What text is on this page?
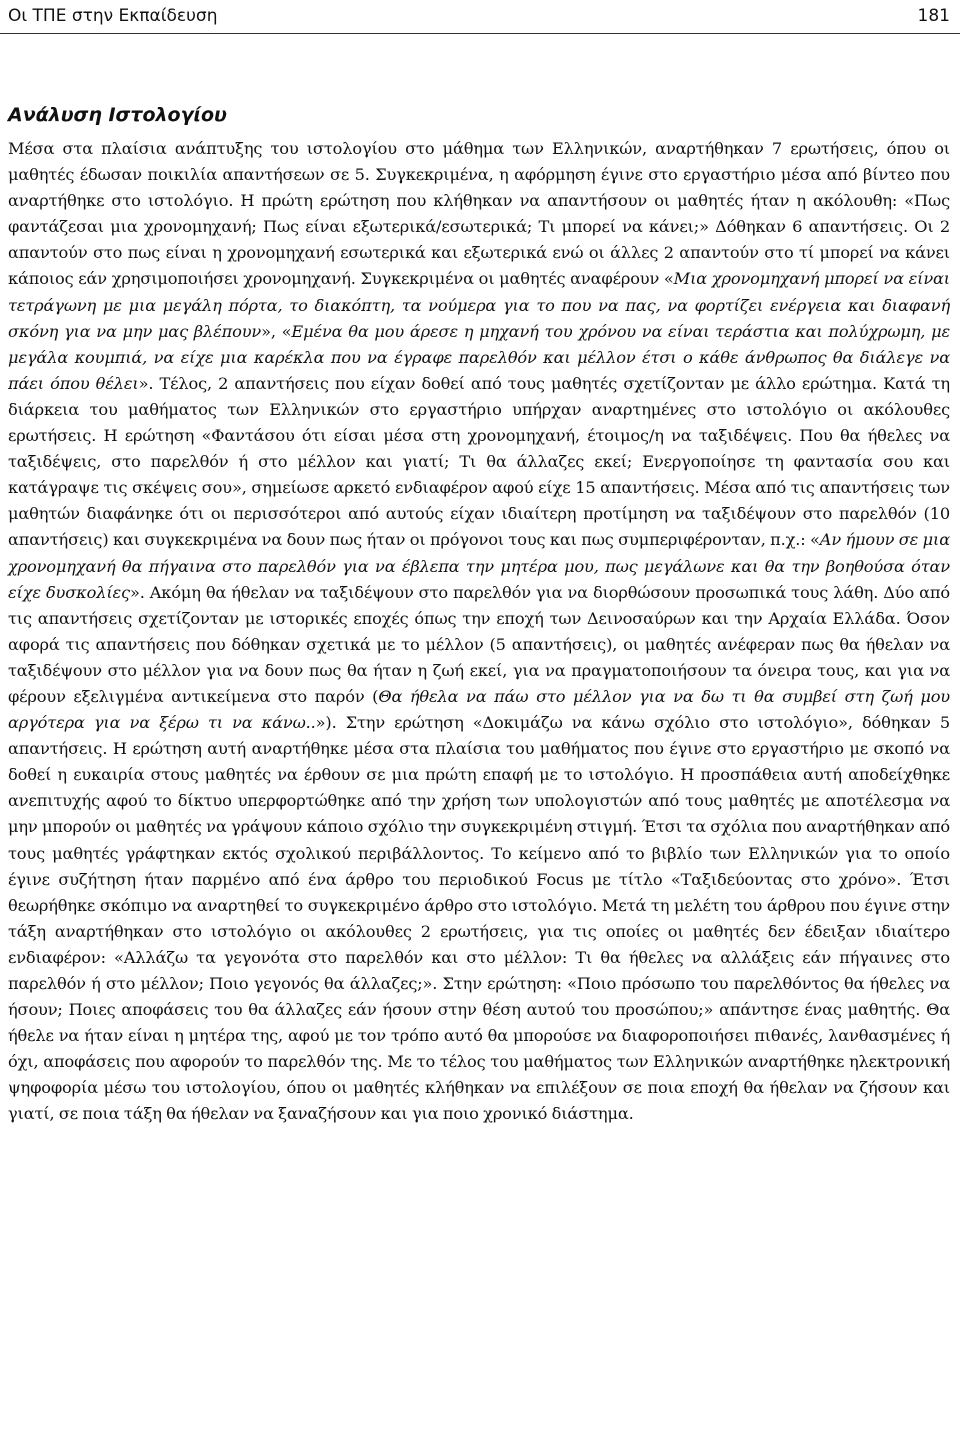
Οι ΤΠΕ στην Εκπαίδευση	181
Ανάλυση Ιστολογίου
Μέσα στα πλαίσια ανάπτυξης του ιστολογίου στο μάθημα των Ελληνικών, αναρτήθηκαν 7 ερωτήσεις, όπου οι μαθητές έδωσαν ποικιλία απαντήσεων σε 5. Συγκεκριμένα, η αφόρμηση έγινε στο εργαστήριο μέσα από βίντεο που αναρτήθηκε στο ιστολόγιο. Η πρώτη ερώτηση που κλήθηκαν να απαντήσουν οι μαθητές ήταν η ακόλουθη: «Πως φαντάζεσαι μια χρονομηχανή; Πως είναι εξωτερικά/εσωτερικά; Τι μπορεί να κάνει;» Δόθηκαν 6 απαντήσεις. Οι 2 απαντούν στο πως είναι η χρονομηχανή εσωτερικά και εξωτερικά ενώ οι άλλες 2 απαντούν στο τί μπορεί να κάνει κάποιος εάν χρησιμοποιήσει χρονομηχανή. Συγκεκριμένα οι μαθητές αναφέρουν «Μια χρονομηχανή μπορεί να είναι τετράγωνη με μια μεγάλη πόρτα, το διακόπτη, τα νούμερα για το που να πας, να φορτίζει ενέργεια και διαφανή σκόνη για να μην μας βλέπουν», «Εμένα θα μου άρεσε η μηχανή του χρόνου να είναι τεράστια και πολύχρωμη, με μεγάλα κουμπιά, να είχε μια καρέκλα που να έγραφε παρελθόν και μέλλον έτσι ο κάθε άνθρωπος θα διάλεγε να πάει όπου θέλει». Τέλος, 2 απαντήσεις που είχαν δοθεί από τους μαθητές σχετίζονταν με άλλο ερώτημα. Κατά τη διάρκεια του μαθήματος των Ελληνικών στο εργαστήριο υπήρχαν αναρτημένες στο ιστολόγιο οι ακόλουθες ερωτήσεις. Η ερώτηση «Φαντάσου ότι είσαι μέσα στη χρονομηχανή, έτοιμος/η να ταξιδέψεις. Που θα ήθελες να ταξιδέψεις, στο παρελθόν ή στο μέλλον και γιατί; Τι θα άλλαζες εκεί; Ενεργοποίησε τη φαντασία σου και κατάγραψε τις σκέψεις σου», σημείωσε αρκετό ενδιαφέρον αφού είχε 15 απαντήσεις. Μέσα από τις απαντήσεις των μαθητών διαφάνηκε ότι οι περισσότεροι από αυτούς είχαν ιδιαίτερη προτίμηση να ταξιδέψουν στο παρελθόν (10 απαντήσεις) και συγκεκριμένα να δουν πως ήταν οι πρόγονοι τους και πως συμπεριφέρονταν, π.χ.: «Αν ήμουν σε μια χρονομηχανή θα πήγαινα στο παρελθόν για να έβλεπα την μητέρα μου, πως μεγάλωνε και θα την βοηθούσα όταν είχε δυσκολίες». Ακόμη θα ήθελαν να ταξιδέψουν στο παρελθόν για να διορθώσουν προσωπικά τους λάθη. Δύο από τις απαντήσεις σχετίζονταν με ιστορικές εποχές όπως την εποχή των Δεινοσαύρων και την Αρχαία Ελλάδα. Όσον αφορά τις απαντήσεις που δόθηκαν σχετικά με το μέλλον (5 απαντήσεις), οι μαθητές ανέφεραν πως θα ήθελαν να ταξιδέψουν στο μέλλον για να δουν πως θα ήταν η ζωή εκεί, για να πραγματοποιήσουν τα όνειρα τους, και για να φέρουν εξελιγμένα αντικείμενα στο παρόν (Θα ήθελα να πάω στο μέλλον για να δω τι θα συμβεί στη ζωή μου αργότερα για να ξέρω τι να κάνω..»). Στην ερώτηση «Δοκιμάζω να κάνω σχόλιο στο ιστολόγιο», δόθηκαν 5 απαντήσεις. Η ερώτηση αυτή αναρτήθηκε μέσα στα πλαίσια του μαθήματος που έγινε στο εργαστήριο με σκοπό να δοθεί η ευκαιρία στους μαθητές να έρθουν σε μια πρώτη επαφή με το ιστολόγιο. Η προσπάθεια αυτή αποδείχθηκε ανεπιτυχής αφού το δίκτυο υπερφορτώθηκε από την χρήση των υπολογιστών από τους μαθητές με αποτέλεσμα να μην μπορούν οι μαθητές να γράψουν κάποιο σχόλιο την συγκεκριμένη στιγμή. Έτσι τα σχόλια που αναρτήθηκαν από τους μαθητές γράφτηκαν εκτός σχολικού περιβάλλοντος. Το κείμενο από το βιβλίο των Ελληνικών για το οποίο έγινε συζήτηση ήταν παρμένο από ένα άρθρο του περιοδικού Focus με τίτλο «Ταξιδεύοντας στο χρόνο». Έτσι θεωρήθηκε σκόπιμο να αναρτηθεί το συγκεκριμένο άρθρο στο ιστολόγιο. Μετά τη μελέτη του άρθρου που έγινε στην τάξη αναρτήθηκαν στο ιστολόγιο οι ακόλουθες 2 ερωτήσεις, για τις οποίες οι μαθητές δεν έδειξαν ιδιαίτερο ενδιαφέρον: «Αλλάζω τα γεγονότα στο παρελθόν και στο μέλλον: Τι θα ήθελες να αλλάξεις εάν πήγαινες στο παρελθόν ή στο μέλλον; Ποιο γεγονός θα άλλαζες;». Στην ερώτηση: «Ποιο πρόσωπο του παρελθόντος θα ήθελες να ήσουν; Ποιες αποφάσεις του θα άλλαζες εάν ήσουν στην θέση αυτού του προσώπου;» απάντησε ένας μαθητής. Θα ήθελε να ήταν είναι η μητέρα της, αφού με τον τρόπο αυτό θα μπορούσε να διαφοροποιήσει πιθανές, λανθασμένες ή όχι, αποφάσεις που αφορούν το παρελθόν της. Με το τέλος του μαθήματος των Ελληνικών αναρτήθηκε ηλεκτρονική ψηφοφορία μέσω του ιστολογίου, όπου οι μαθητές κλήθηκαν να επιλέξουν σε ποια εποχή θα ήθελαν να ζήσουν και γιατί, σε ποια τάξη θα ήθελαν να ξαναζήσουν και για ποιο χρονικό διάστημα.
